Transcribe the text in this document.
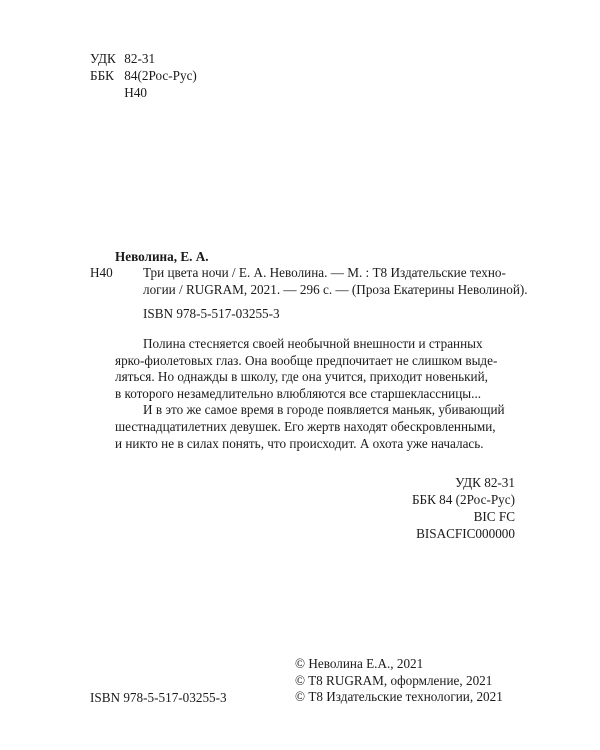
УДК 82-31
ББК 84(2Рос-Рус)
Н40
Неволина, Е. А.
Н40 Три цвета ночи / Е. А. Неволина. — М. : Т8 Издательские техно-
логии / RUGRAM, 2021. — 296 с. — (Проза Екатерины Неволиной).
ISBN 978-5-517-03255-3
Полина стесняется своей необычной внешности и странных
ярко-фиолетовых глаз. Она вообще предпочитает не слишком выде-
ляться. Но однажды в школу, где она учится, приходит новенький,
в которого незамедлительно влюбляются все старшеклассницы...
И в это же самое время в городе появляется маньяк, убивающий
шестнадцатилетних девушек. Его жертв находят обескровленными,
и никто не в силах понять, что происходит. А охота уже началась.
УДК 82-31
ББК 84 (2Рос-Рус)
BIC FC
BISACFIC000000
© Неволина Е.А., 2021
© T8 RUGRAM, оформление, 2021
© Т8 Издательские технологии, 2021
ISBN 978-5-517-03255-3
